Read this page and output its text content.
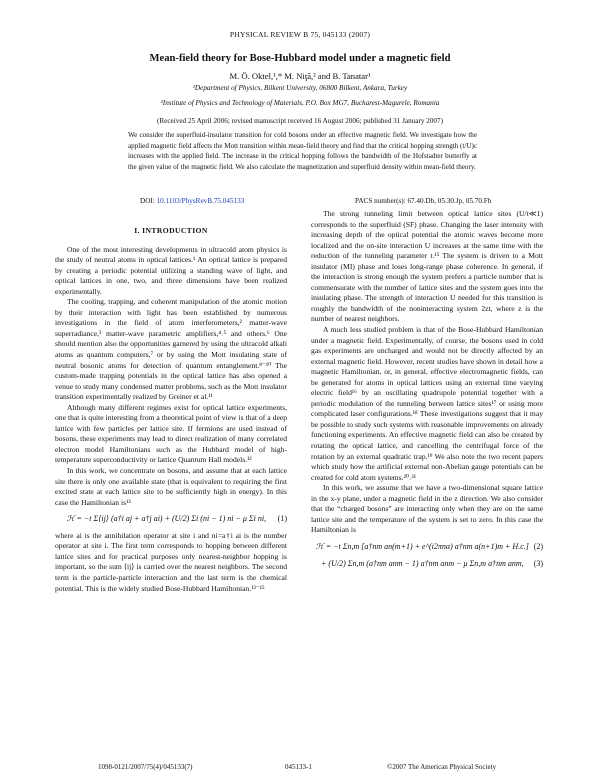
PHYSICAL REVIEW B 75, 045133 (2007)
Mean-field theory for Bose-Hubbard model under a magnetic field
M. Ö. Oktel,¹,* M. Niţă,² and B. Tanatar¹
¹Department of Physics, Bilkent University, 06800 Bilkent, Ankara, Turkey
²Institute of Physics and Technology of Materials, P.O. Box MG7, Bucharest-Magurele, Romania
(Received 25 April 2006; revised manuscript received 16 August 2006; published 31 January 2007)
We consider the superfluid-insulator transition for cold bosons under an effective magnetic field. We investigate how the applied magnetic field affects the Mott transition within mean-field theory and find that the critical hopping strength (t/U)c increases with the applied field. The increase in the critical hopping follows the bandwidth of the Hofstadter butterfly at the given value of the magnetic field. We also calculate the magnetization and superfluid density within mean-field theory.
DOI: 10.1103/PhysRevB.75.045133	PACS number(s): 67.40.Db, 05.30.Jp, 05.70.Fh
I. INTRODUCTION

One of the most interesting developments in ultracold atom physics is the study of neutral atoms in optical lattices.¹ An optical lattice is prepared by creating a periodic potential utilizing a standing wave of light, and optical lattices in one, two, and three dimensions have been realized experimentally.

The cooling, trapping, and coherent manipulation of the atomic motion by their interaction with light has been established by numerous investigations in the field of atom interferometers,² matter-wave superradiance,³ matter-wave parametric amplifiers,⁴˒⁵ and others.⁶ One should mention also the opportunities garnered by using the ultracold alkali atoms as quantum computers,⁷ or by using the Mott insulating state of neutral bosonic atoms for detection of quantum entanglement.⁸⁻¹⁰ The custom-made trapping potentials in the optical lattice has also opened a venue to study many condensed matter problems, such as the Mott insulator transition experimentally realized by Greiner et al.¹¹

Although many different regimes exist for optical lattice experiments, one that is quite interesting from a theoretical point of view is that of a deep lattice with few particles per lattice site. If fermions are used instead of bosons, these experiments may lead to direct realization of many correlated electron model Hamiltonians such as the Hubbard model of high-temperature superconductivity or lattice Quantum Hall models.¹²

In this work, we concentrate on bosons, and assume that at each lattice site there is only one available state (that is equivalent to requiring the first excited state at each lattice site to be sufficiently high in energy). In this case the Hamiltonian is¹³

ℋ = −t Σ⟨ij⟩ (a†i aj + a†j ai) + (U/2) Σi (ni − 1) ni − μ Σi ni,	(1)

where ai is the annihilation operator at site i and ni=a†i ai is the number operator at site i. The first term corresponds to hopping between different lattice sites and for practical purposes only nearest-neighbor hopping is important, so the sum ⟨ij⟩ is carried over the nearest neighbors. The second term is the particle-particle interaction and the last term is the chemical potential. This is the widely studied Bose-Hubbard Hamiltonian.¹³⁻¹⁵

The strong tunneling limit between optical lattice sites (U/t≪1) corresponds to the superfluid (SF) phase. Changing the laser intensity with increasing depth of the optical potential the atomic waves become more localized and the on-site interaction U increases at the same time with the reduction of the tunneling parameter t.¹⁵ The system is driven to a Mott insulator (MI) phase and loses long-range phase coherence. In general, if the interaction is strong enough the system prefers a particle number that is commensurate with the number of lattice sites and the system goes into the insulating phase. The strength of interaction U needed for this transition is roughly the bandwidth of the noninteracting system 2zt, where z is the number of nearest neighbors.

A much less studied problem is that of the Bose-Hubbard Hamiltonian under a magnetic field. Experimentally, of course, the bosons used in cold gas experiments are uncharged and would not be directly affected by an external magnetic field. However, recent studies have shown in detail how a magnetic Hamiltonian, or, in general, effective electromagnetic fields, can be generated for atoms in optical lattices using an external time varying electric field¹⁶ by an oscillating quadrupole potential together with a periodic modulation of the tunneling between lattice sites¹⁷ or using more complicated laser configurations.¹⁸ These investigations suggest that it may be possible to study such systems with reasonable improvements on already functioning experiments. An effective magnetic field can also be created by rotating the optical lattice, and cancelling the centrifugal force of the rotation by an external quadratic trap.¹⁹ We also note the two recent papers which study how the artificial external non-Abelian gauge potentials can be created for cold atom systems.²⁰˒²¹

In this work, we assume that we have a two-dimensional square lattice in the x-y plane, under a magnetic field in the z direction. We also consider that the “charged bosons” are interacting only when they are on the same lattice site and the temperature of the system is set to zero. In this case the Hamiltonian is

ℋ = −t Σn,m [a†nm an(m+1) + e^(i2πnα) a†nm a(n+1)m + H.c.] (2)
+ (U/2) Σn,m (a†nm anm − 1) a†nm anm − μ Σn,m a†nm anm,	(3)
1098-0121/2007/75(4)/045133(7)	045133-1	©2007 The American Physical Society
